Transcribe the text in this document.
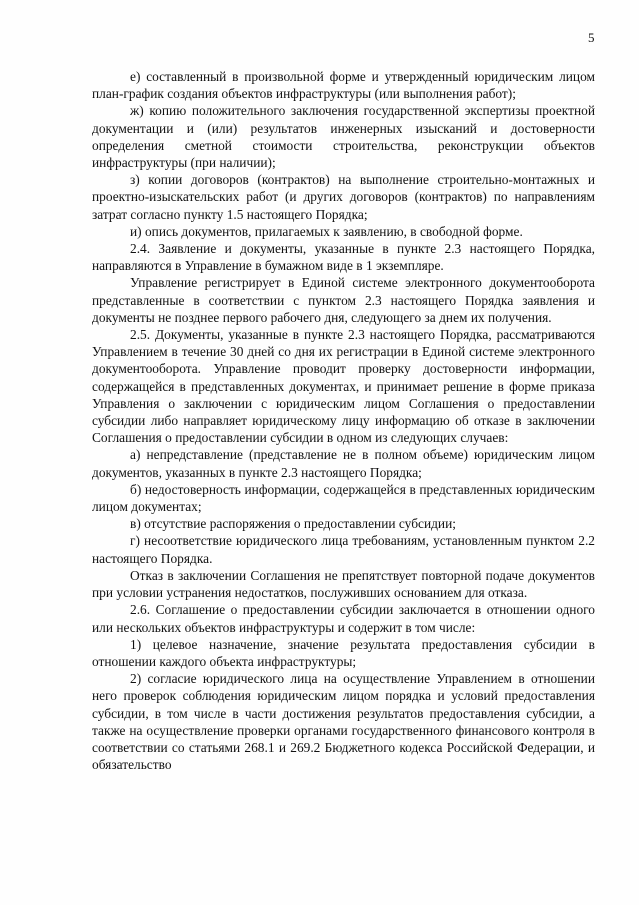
5

е) составленный в произвольной форме и утвержденный юридическим лицом план-график создания объектов инфраструктуры (или выполнения работ);

ж) копию положительного заключения государственной экспертизы проектной документации и (или) результатов инженерных изысканий и достоверности определения сметной стоимости строительства, реконструкции объектов инфраструктуры (при наличии);

з) копии договоров (контрактов) на выполнение строительно-монтажных и проектно-изыскательских работ (и других договоров (контрактов) по направлениям затрат согласно пункту 1.5 настоящего Порядка;

и) опись документов, прилагаемых к заявлению, в свободной форме.

2.4. Заявление и документы, указанные в пункте 2.3 настоящего Порядка, направляются в Управление в бумажном виде в 1 экземпляре.

Управление регистрирует в Единой системе электронного документооборота представленные в соответствии с пунктом 2.3 настоящего Порядка заявления и документы не позднее первого рабочего дня, следующего за днем их получения.

2.5. Документы, указанные в пункте 2.3 настоящего Порядка, рассматриваются Управлением в течение 30 дней со дня их регистрации в Единой системе электронного документооборота. Управление проводит проверку достоверности информации, содержащейся в представленных документах, и принимает решение в форме приказа Управления о заключении с юридическим лицом Соглашения о предоставлении субсидии либо направляет юридическому лицу информацию об отказе в заключении Соглашения о предоставлении субсидии в одном из следующих случаев:

а) непредставление (представление не в полном объеме) юридическим лицом документов, указанных в пункте 2.3 настоящего Порядка;

б) недостоверность информации, содержащейся в представленных юридическим лицом документах;

в) отсутствие распоряжения о предоставлении субсидии;

г) несоответствие юридического лица требованиям, установленным пунктом 2.2 настоящего Порядка.

Отказ в заключении Соглашения не препятствует повторной подаче документов при условии устранения недостатков, послуживших основанием для отказа.

2.6. Соглашение о предоставлении субсидии заключается в отношении одного или нескольких объектов инфраструктуры и содержит в том числе:

1) целевое назначение, значение результата предоставления субсидии в отношении каждого объекта инфраструктуры;

2) согласие юридического лица на осуществление Управлением в отношении него проверок соблюдения юридическим лицом порядка и условий предоставления субсидии, в том числе в части достижения результатов предоставления субсидии, а также на осуществление проверки органами государственного финансового контроля в соответствии со статьями 268.1 и 269.2 Бюджетного кодекса Российской Федерации, и обязательство
